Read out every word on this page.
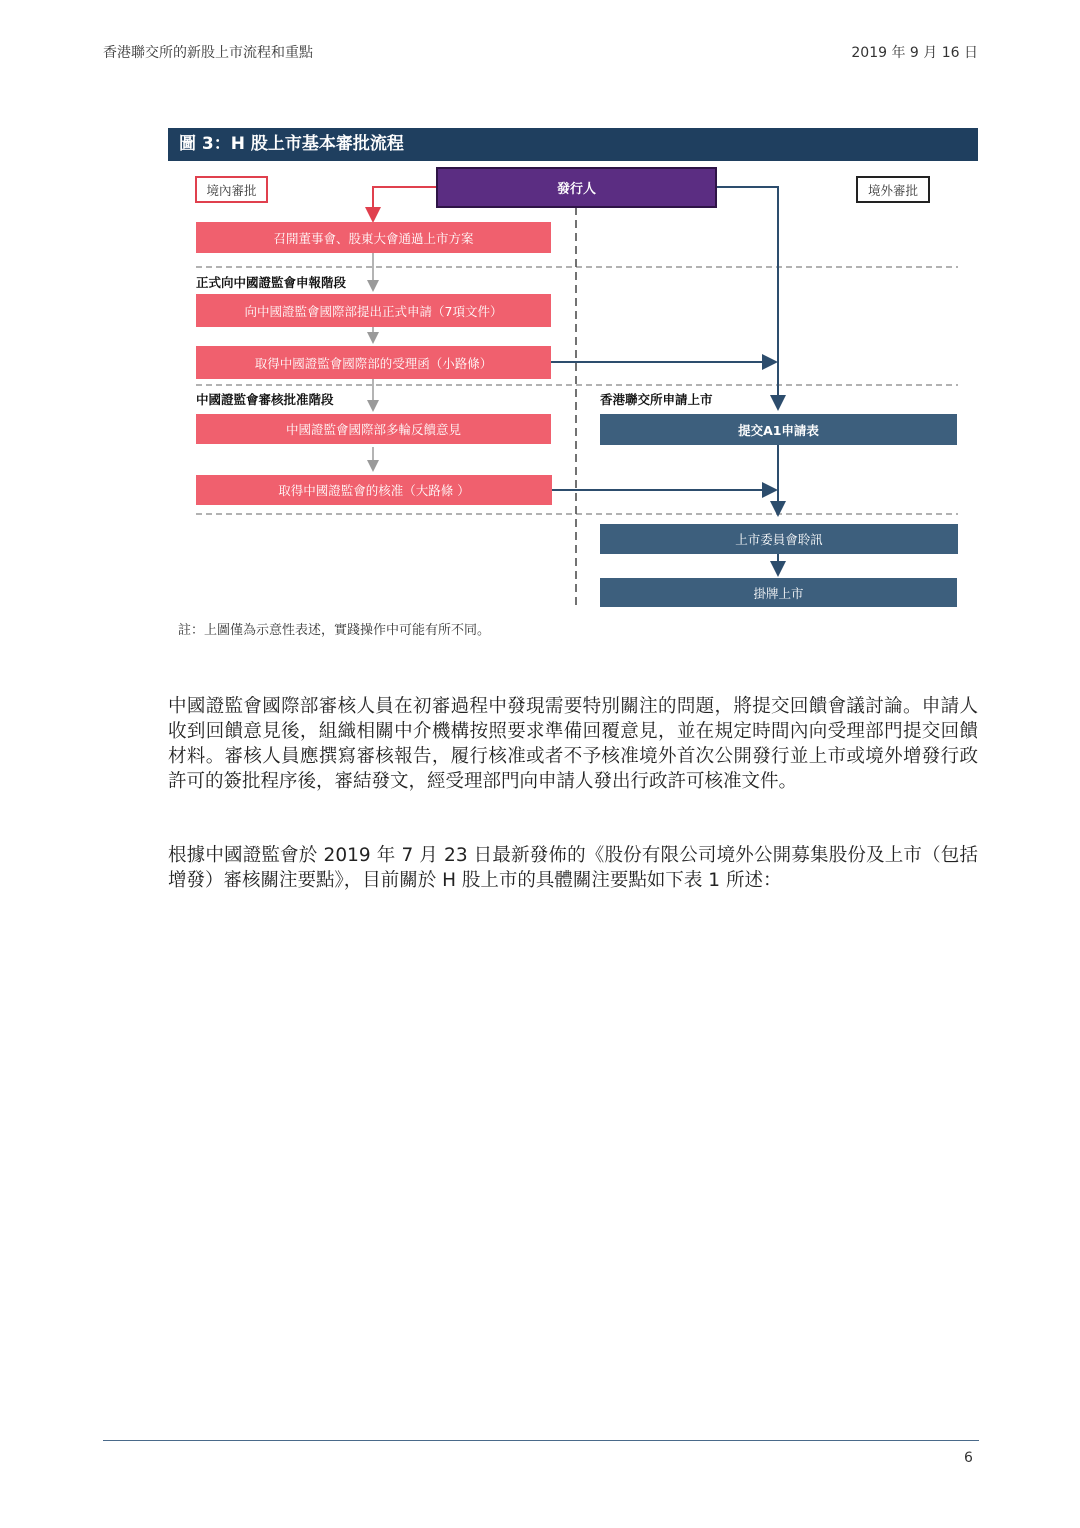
香港聯交所的新股上市流程和重點	2019 年 9 月 16 日
圖 3：H 股上市基本審批流程
境內審批	境外審批
發行人
召開董事會、股東大會通過上市方案
正式向中國證監會申報階段
向中國證監會國際部提出正式申請（7項文件）
取得中國證監會國際部的受理函（小路條）
中國證監會審核批准階段	香港聯交所申請上市
中國證監會國際部多輪反饋意見	提交A1申請表
取得中國證監會的核准（大路條 ）
上市委員會聆訊
掛牌上市
註：上圖僅為示意性表述，實踐操作中可能有所不同。
中國證監會國際部審核人員在初審過程中發現需要特別關注的問題，將提交回饋會議討論。申請人收到回饋意見後，組織相關中介機構按照要求準備回覆意見，並在規定時間內向受理部門提交回饋材料。審核人員應撰寫審核報告，履行核准或者不予核准境外首次公開發行並上市或境外增發行政許可的簽批程序後，審結發文，經受理部門向申請人發出行政許可核准文件。
根據中國證監會於 2019 年 7 月 23 日最新發佈的《股份有限公司境外公開募集股份及上市（包括增發）審核關注要點》，目前關於 H 股上市的具體關注要點如下表 1 所述：
6
